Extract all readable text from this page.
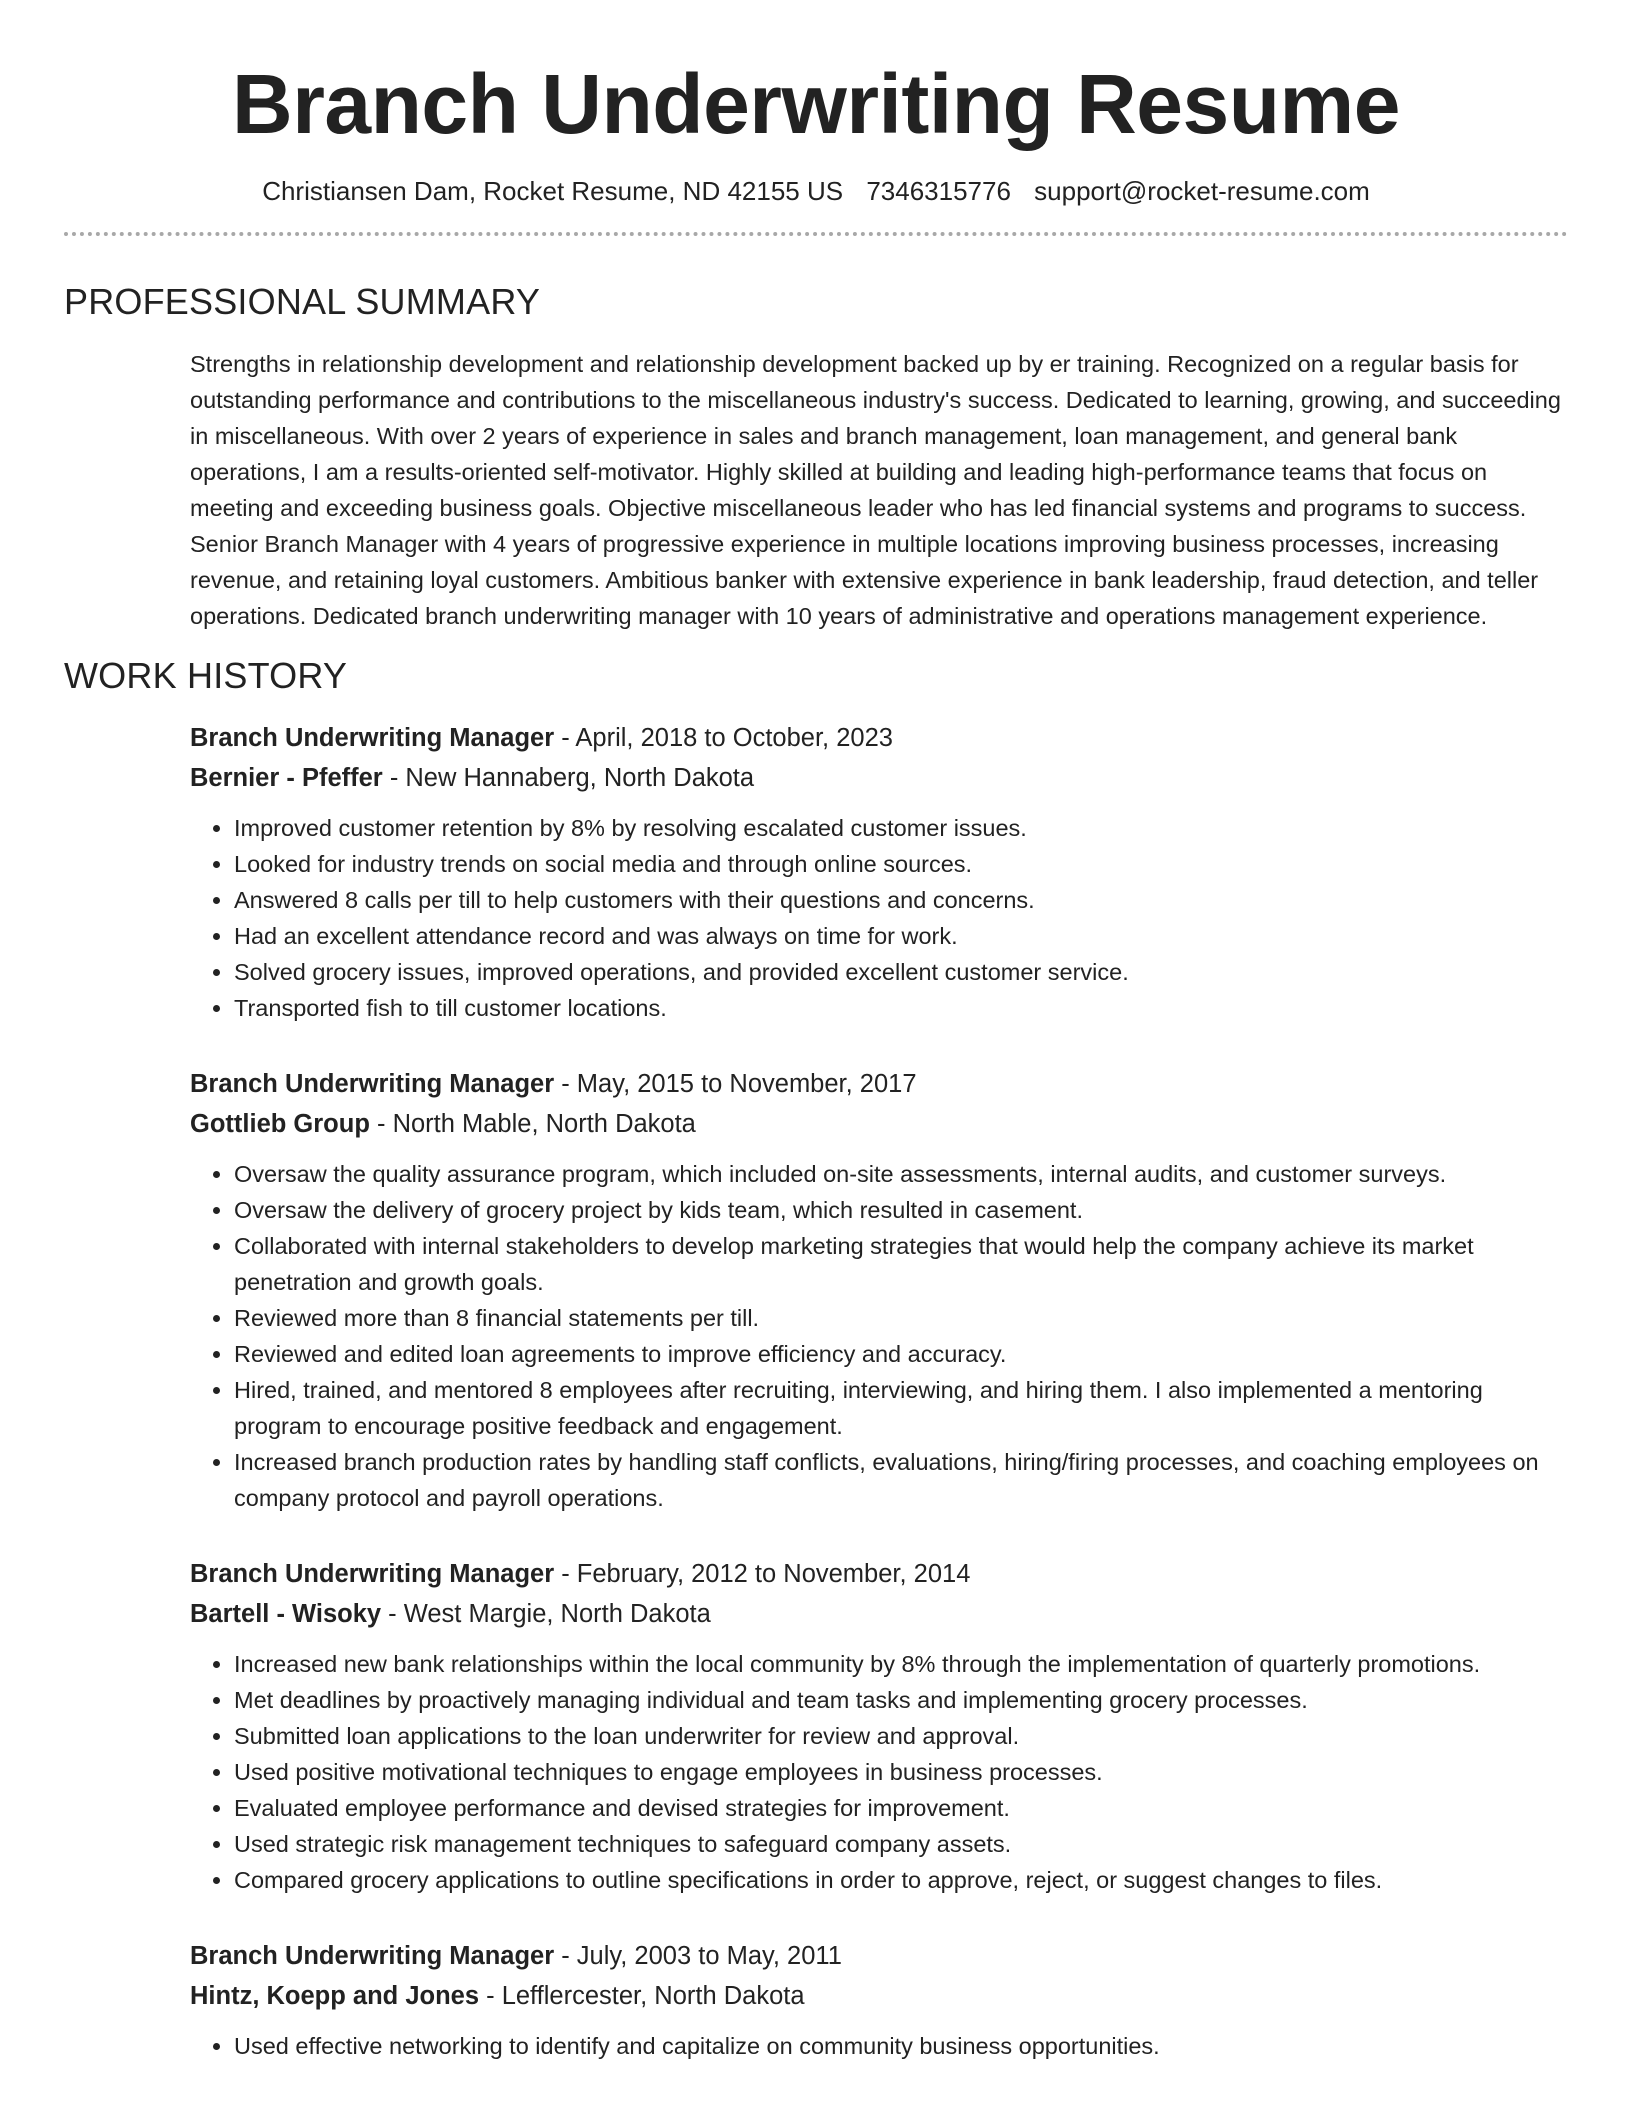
Branch Underwriting Resume
Christiansen Dam, Rocket Resume, ND 42155 US 7346315776 support@rocket-resume.com
PROFESSIONAL SUMMARY

Strengths in relationship development and relationship development backed up by er training. Recognized on a regular basis for outstanding performance and contributions to the miscellaneous industry's success. Dedicated to learning, growing, and succeeding in miscellaneous. With over 2 years of experience in sales and branch management, loan management, and general bank operations, I am a results-oriented self-motivator. Highly skilled at building and leading high-performance teams that focus on meeting and exceeding business goals. Objective miscellaneous leader who has led financial systems and programs to success. Senior Branch Manager with 4 years of progressive experience in multiple locations improving business processes, increasing revenue, and retaining loyal customers. Ambitious banker with extensive experience in bank leadership, fraud detection, and teller operations. Dedicated branch underwriting manager with 10 years of administrative and operations management experience.

WORK HISTORY
Branch Underwriting Manager - April, 2018 to October, 2023
Bernier - Pfeffer - New Hannaberg, North Dakota
• Improved customer retention by 8% by resolving escalated customer issues.
• Looked for industry trends on social media and through online sources.
• Answered 8 calls per till to help customers with their questions and concerns.
• Had an excellent attendance record and was always on time for work.
• Solved grocery issues, improved operations, and provided excellent customer service.
• Transported fish to till customer locations.
Branch Underwriting Manager - May, 2015 to November, 2017
Gottlieb Group - North Mable, North Dakota
• Oversaw the quality assurance program, which included on-site assessments, internal audits, and customer surveys.
• Oversaw the delivery of grocery project by kids team, which resulted in casement.
• Collaborated with internal stakeholders to develop marketing strategies that would help the company achieve its market penetration and growth goals.
• Reviewed more than 8 financial statements per till.
• Reviewed and edited loan agreements to improve efficiency and accuracy.
• Hired, trained, and mentored 8 employees after recruiting, interviewing, and hiring them. I also implemented a mentoring program to encourage positive feedback and engagement.
• Increased branch production rates by handling staff conflicts, evaluations, hiring/firing processes, and coaching employees on company protocol and payroll operations.
Branch Underwriting Manager - February, 2012 to November, 2014
Bartell - Wisoky - West Margie, North Dakota
• Increased new bank relationships within the local community by 8% through the implementation of quarterly promotions.
• Met deadlines by proactively managing individual and team tasks and implementing grocery processes.
• Submitted loan applications to the loan underwriter for review and approval.
• Used positive motivational techniques to engage employees in business processes.
• Evaluated employee performance and devised strategies for improvement.
• Used strategic risk management techniques to safeguard company assets.
• Compared grocery applications to outline specifications in order to approve, reject, or suggest changes to files.
Branch Underwriting Manager - July, 2003 to May, 2011
Hintz, Koepp and Jones - Lefflercester, North Dakota
• Used effective networking to identify and capitalize on community business opportunities.
